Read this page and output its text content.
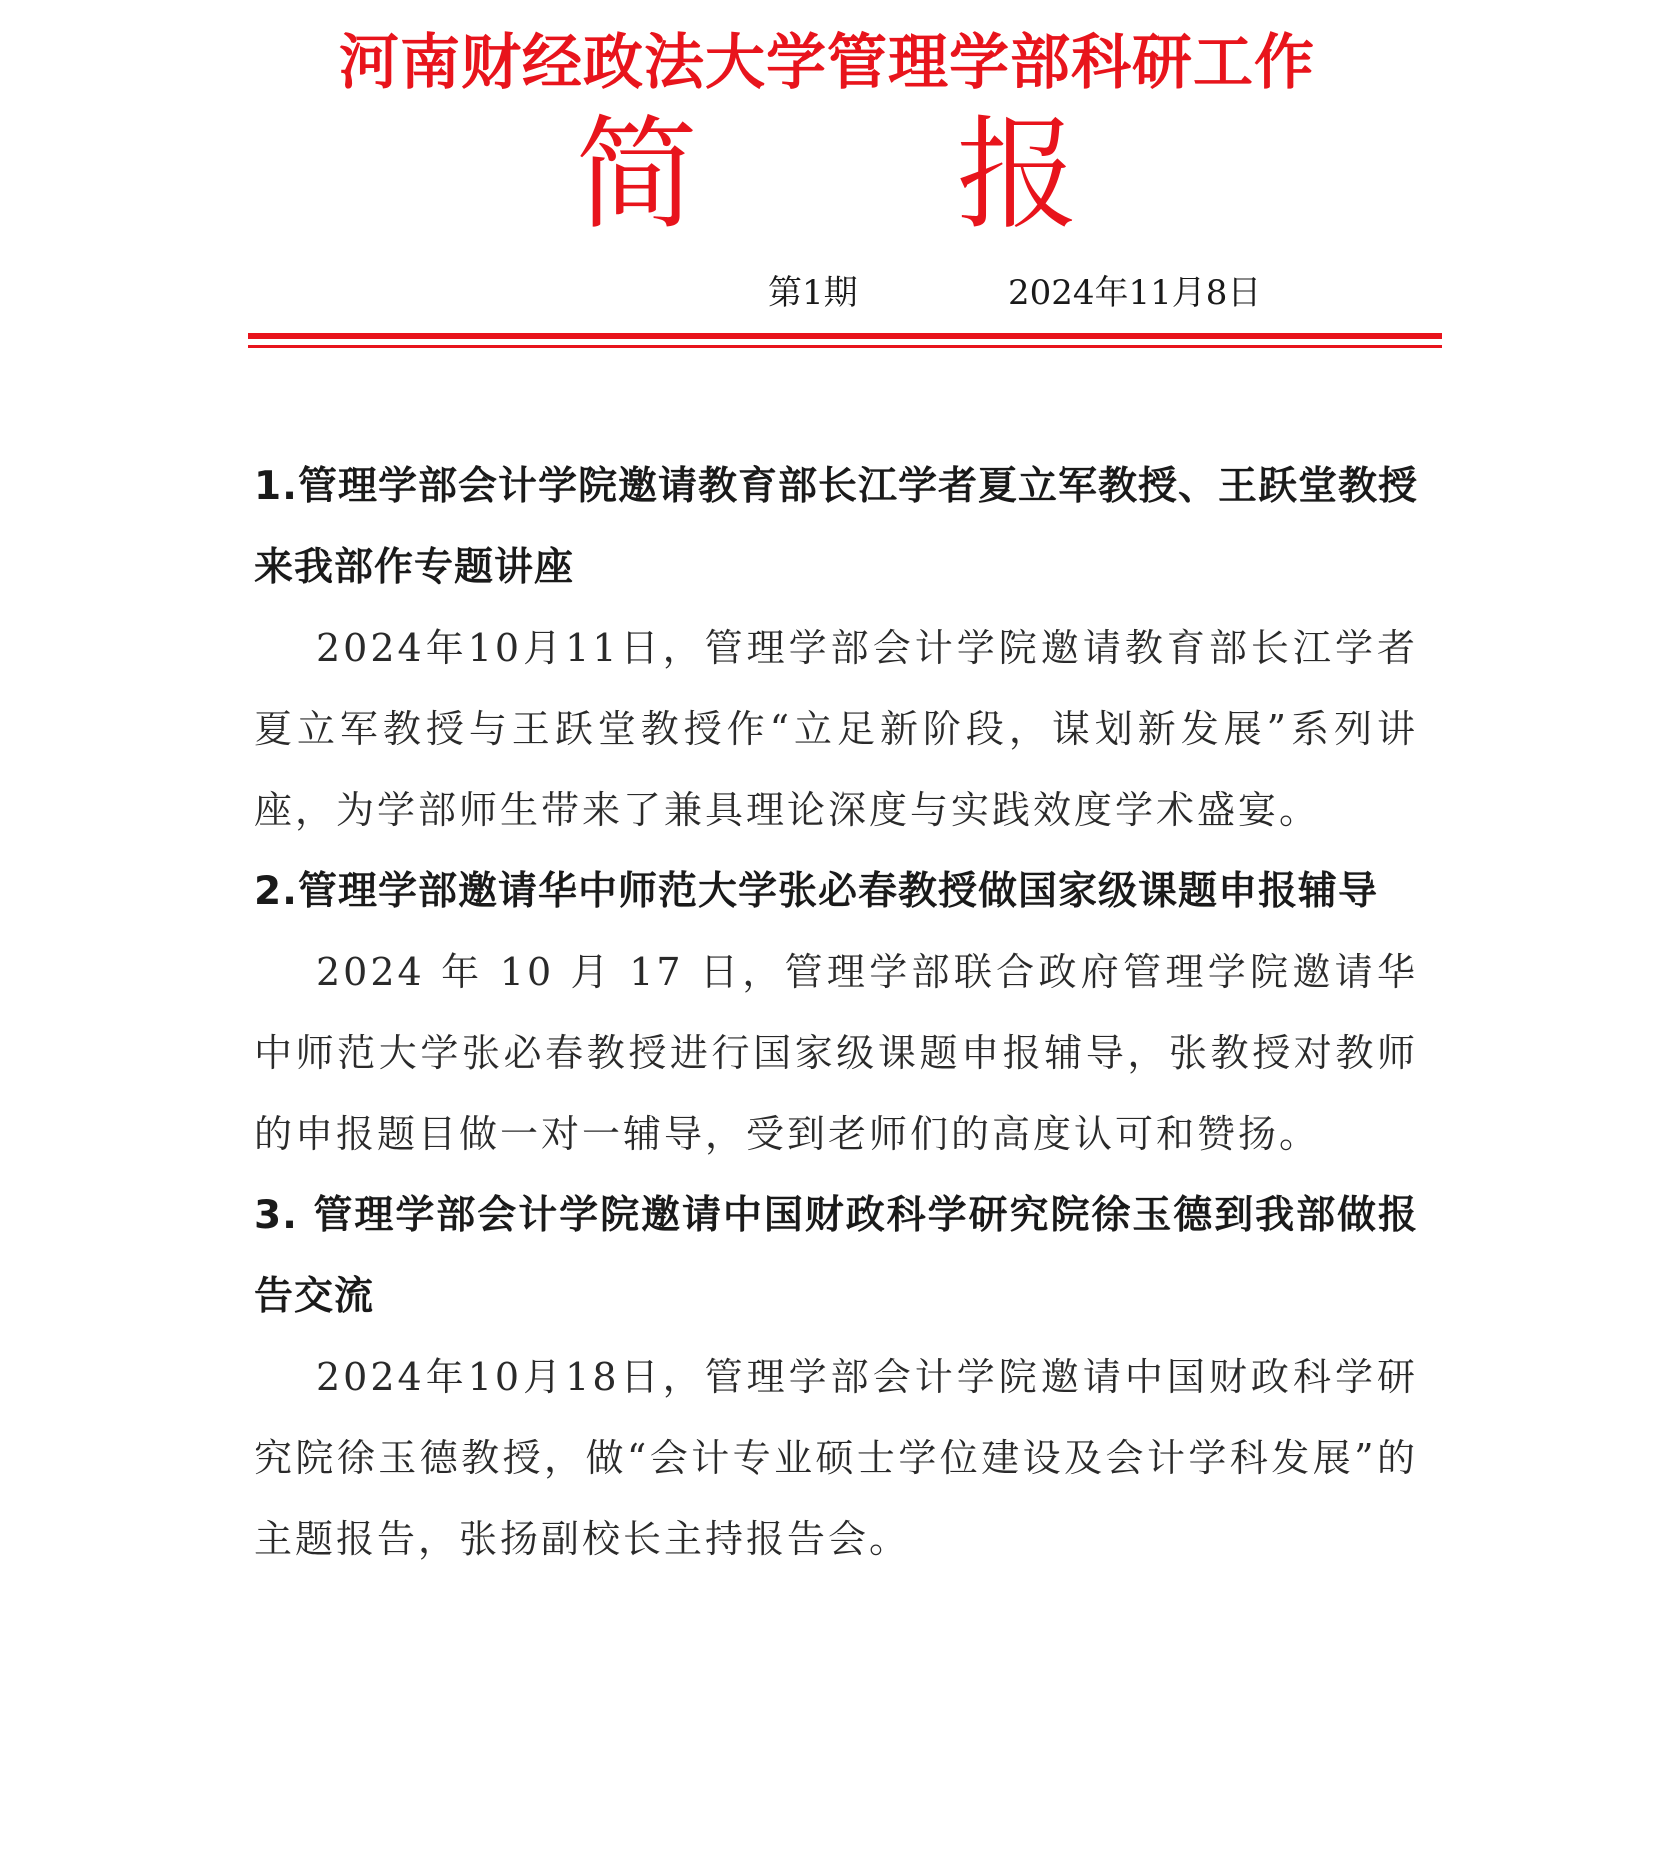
河南财经政法大学管理学部科研工作
简 报
第1期	2024年11月8日

1.管理学部会计学院邀请教育部长江学者夏立军教授、王跃堂教授来我部作专题讲座

2024年10月11日，管理学部会计学院邀请教育部长江学者夏立军教授与王跃堂教授作“立足新阶段，谋划新发展”系列讲座，为学部师生带来了兼具理论深度与实践效度学术盛宴。

2.管理学部邀请华中师范大学张必春教授做国家级课题申报辅导

2024 年 10 月 17 日，管理学部联合政府管理学院邀请华中师范大学张必春教授进行国家级课题申报辅导，张教授对教师的申报题目做一对一辅导，受到老师们的高度认可和赞扬。

3. 管理学部会计学院邀请中国财政科学研究院徐玉德到我部做报告交流

2024年10月18日，管理学部会计学院邀请中国财政科学研究院徐玉德教授，做“会计专业硕士学位建设及会计学科发展”的主题报告，张扬副校长主持报告会。
